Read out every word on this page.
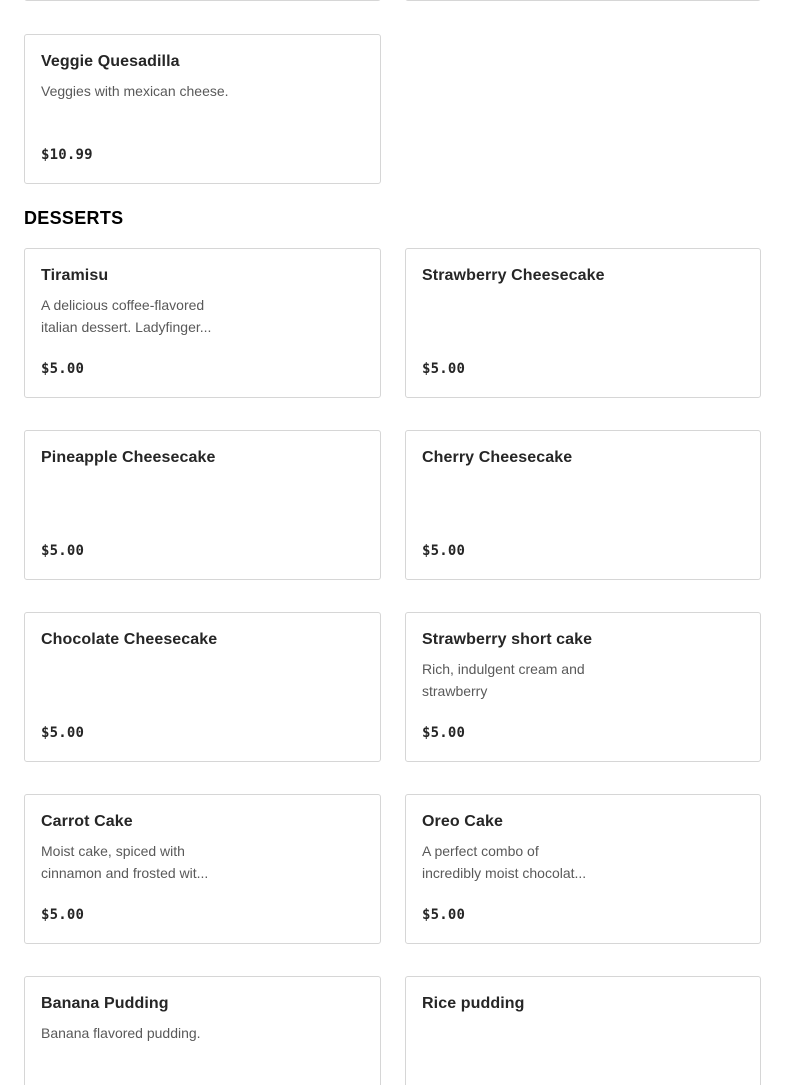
Veggie Quesadilla
Veggies with mexican cheese.
$10.99
DESSERTS
Tiramisu
A delicious coffee-flavored
italian dessert. Ladyfinger...
$5.00
Strawberry Cheesecake
$5.00
Pineapple Cheesecake
$5.00
Cherry Cheesecake
$5.00
Chocolate Cheesecake
$5.00
Strawberry short cake
Rich, indulgent cream and
strawberry
$5.00
Carrot Cake
Moist cake, spiced with
cinnamon and frosted wit...
$5.00
Oreo Cake
A perfect combo of
incredibly moist chocolat...
$5.00
Banana Pudding
Banana flavored pudding.
Rice pudding
